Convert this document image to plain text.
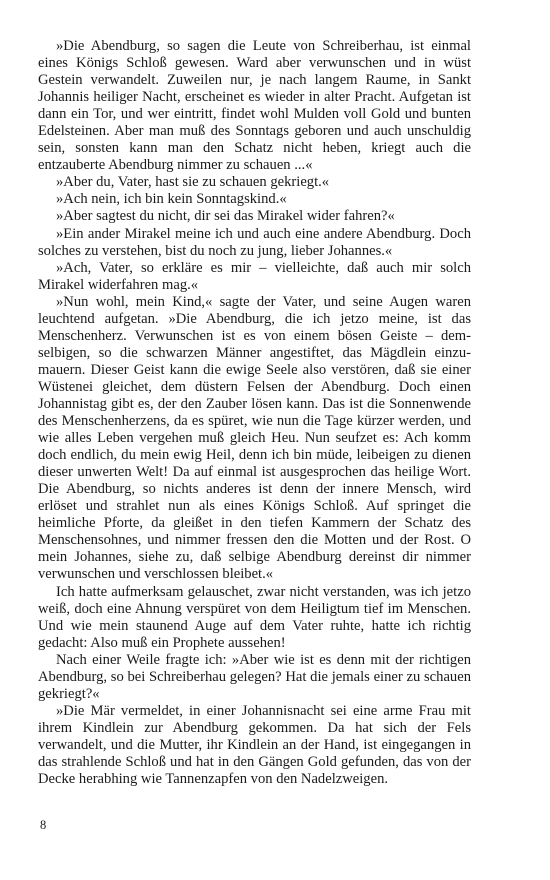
»Die Abendburg, so sagen die Leute von Schreiberhau, ist einmal eines Königs Schloß gewesen. Ward aber verwunschen und in wüst Gestein verwandelt. Zuweilen nur, je nach langem Raume, in Sankt Johannis heiliger Nacht, erscheinet es wieder in alter Pracht. Aufgetan ist dann ein Tor, und wer eintritt, findet wohl Mulden voll Gold und bunten Edelsteinen. Aber man muß des Sonntags geboren und auch unschuldig sein, sonsten kann man den Schatz nicht heben, kriegt auch die entzauberte Abendburg nimmer zu schauen ...«

»Aber du, Vater, hast sie zu schauen gekriegt.«

»Ach nein, ich bin kein Sonntagskind.«

»Aber sagtest du nicht, dir sei das Mirakel wider fahren?«

»Ein ander Mirakel meine ich und auch eine andere Abendburg. Doch solches zu verstehen, bist du noch zu jung, lieber Johannes.«

»Ach, Vater, so erkläre es mir – vielleichte, daß auch mir solch Mirakel widerfahren mag.«

»Nun wohl, mein Kind,« sagte der Vater, und seine Augen waren leuchtend aufgetan. »Die Abendburg, die ich jetzo meine, ist das Menschenherz. Verwunschen ist es von einem bösen Geiste – dem-selbigen, so die schwarzen Männer angestiftet, das Mägdlein einzu-mauern. Dieser Geist kann die ewige Seele also verstören, daß sie einer Wüstenei gleichet, dem düstern Felsen der Abendburg. Doch einen Johannistag gibt es, der den Zauber lösen kann. Das ist die Sonnenwende des Menschenherzens, da es spüret, wie nun die Tage kürzer werden, und wie alles Leben vergehen muß gleich Heu. Nun seufzet es: Ach komm doch endlich, du mein ewig Heil, denn ich bin müde, leibeigen zu dienen dieser unwerten Welt! Da auf einmal ist ausgesprochen das heilige Wort. Die Abendburg, so nichts anderes ist denn der innere Mensch, wird erlöset und strahlet nun als eines Königs Schloß. Auf springet die heimliche Pforte, da gleißet in den tiefen Kammern der Schatz des Menschensohnes, und nimmer fressen den die Motten und der Rost. O mein Johannes, siehe zu, daß selbige Abendburg dereinst dir nimmer verwunschen und verschlossen bleibet.«

Ich hatte aufmerksam gelauschet, zwar nicht verstanden, was ich jetzo weiß, doch eine Ahnung verspüret von dem Heiligtum tief im Menschen. Und wie mein staunend Auge auf dem Vater ruhte, hatte ich richtig gedacht: Also muß ein Prophete aussehen!

Nach einer Weile fragte ich: »Aber wie ist es denn mit der richtigen Abendburg, so bei Schreiberhau gelegen? Hat die jemals einer zu schauen gekriegt?«

»Die Mär vermeldet, in einer Johannisnacht sei eine arme Frau mit ihrem Kindlein zur Abendburg gekommen. Da hat sich der Fels verwandelt, und die Mutter, ihr Kindlein an der Hand, ist eingegangen in das strahlende Schloß und hat in den Gängen Gold gefunden, das von der Decke herabhing wie Tannenzapfen von den Nadelzweigen.

8
